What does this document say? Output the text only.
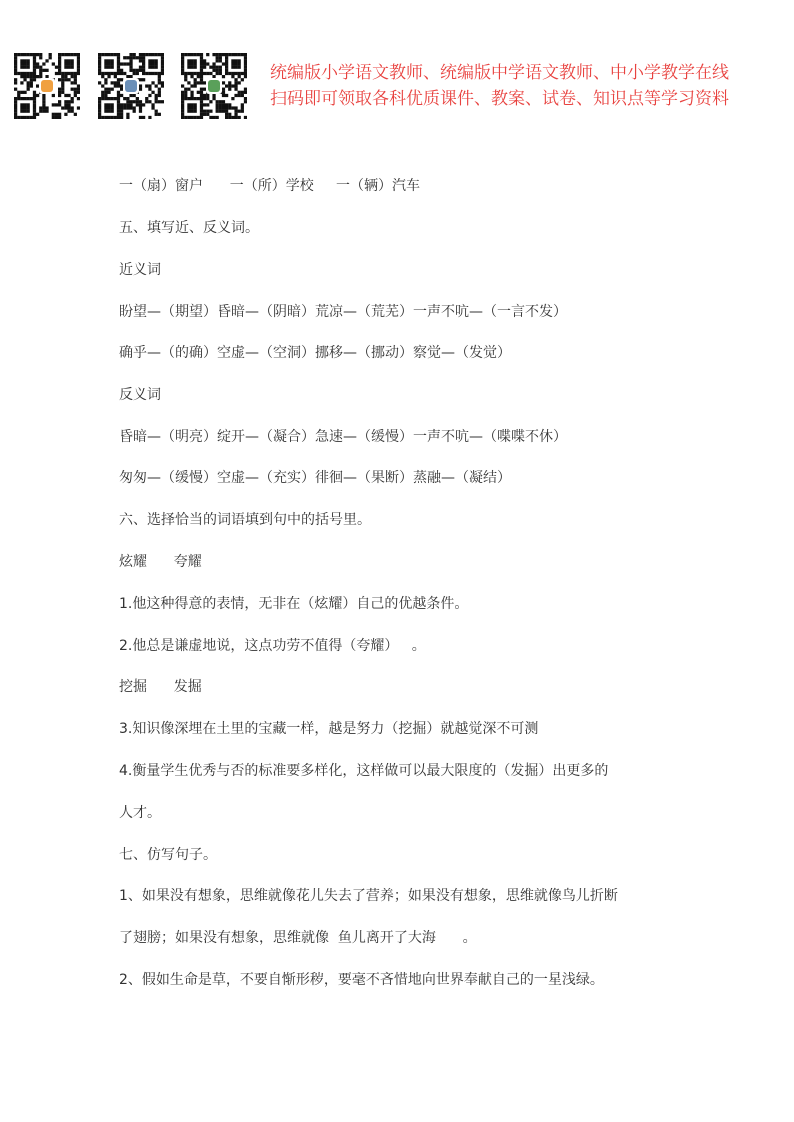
统编版小学语文教师、统编版中学语文教师、中小学教学在线
扫码即可领取各科优质课件、教案、试卷、知识点等学习资料
一（扇）窗户      一（所）学校     一（辆）汽车
五、填写近、反义词。
近义词
盼望—（期望）昏暗—（阴暗）荒凉—（荒芜）一声不吭—（一言不发）
确乎—（的确）空虚—（空洞）挪移—（挪动）察觉—（发觉）
反义词
昏暗—（明亮）绽开—（凝合）急速—（缓慢）一声不吭—（喋喋不休）
匆匆—（缓慢）空虚—（充实）徘徊—（果断）蒸融—（凝结）
六、选择恰当的词语填到句中的括号里。
炫耀      夸耀
1.他这种得意的表情，无非在（炫耀）自己的优越条件。
2.他总是谦虚地说，这点功劳不值得（夸耀）   。
挖掘      发掘
3.知识像深埋在土里的宝藏一样，越是努力（挖掘）就越觉深不可测
4.衡量学生优秀与否的标准要多样化，这样做可以最大限度的（发掘）出更多的
人才。
七、仿写句子。
1、如果没有想象，思维就像花儿失去了营养；如果没有想象，思维就像鸟儿折断
了翅膀；如果没有想象，思维就像  鱼儿离开了大海      。
2、假如生命是草，不要自惭形秽，要毫不吝惜地向世界奉献自己的一星浅绿。
